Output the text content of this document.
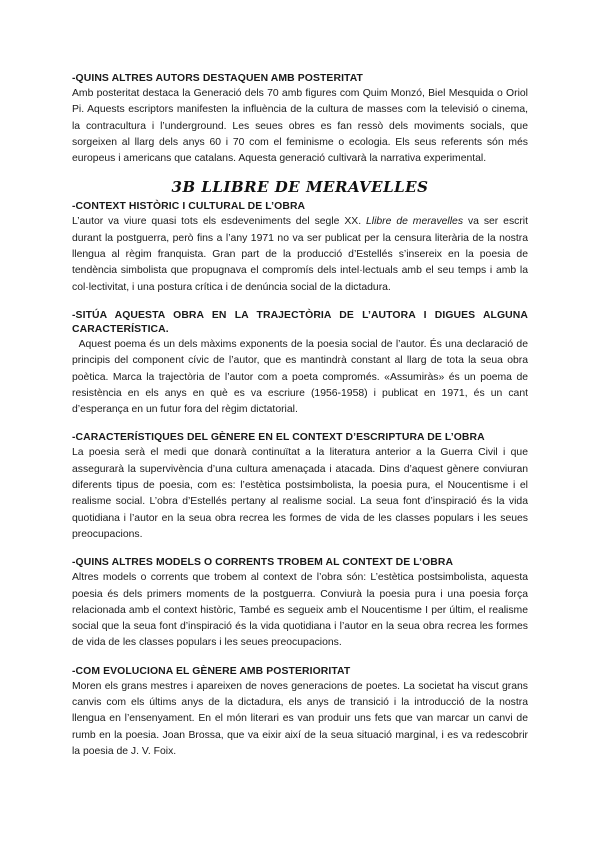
-QUINS ALTRES AUTORS DESTAQUEN AMB POSTERITAT

Amb posteritat destaca la Generació dels 70 amb figures com Quim Monzó, Biel Mesquida o Oriol Pi. Aquests escriptors manifesten la influència de la cultura de masses com la televisió o cinema, la contracultura i l’underground. Les seues obres es fan ressò dels moviments socials, que sorgeixen al llarg dels anys 60 i 70 com el feminisme o ecologia. Els seus referents són més europeus i americans que catalans. Aquesta generació cultivarà la narrativa experimental.

3B LLIBRE DE MERAVELLES

-CONTEXT HISTÒRIC I CULTURAL DE L’OBRA

L’autor va viure quasi tots els esdeveniments del segle XX. Llibre de meravelles va ser escrit durant la postguerra, però fins a l’any 1971 no va ser publicat per la censura literària de la nostra llengua al règim franquista. Gran part de la producció d’Estellés s’insereix en la poesia de tendència simbolista que propugnava el compromís dels intel·lectuals amb el seu temps i amb la col·lectivitat, i una postura crítica i de denúncia social de la dictadura.

-SITÚA AQUESTA OBRA EN LA TRAJECTÒRIA DE L’AUTORA I DIGUES ALGUNA CARACTERÍSTICA.

Aquest poema és un dels màxims exponents de la poesia social de l’autor. És una declaració de principis del component cívic de l’autor, que es mantindrà constant al llarg de tota la seua obra poètica. Marca la trajectòria de l’autor com a poeta compromés. «Assumiràs» és un poema de resistència en els anys en què es va escriure (1956-1958) i publicat en 1971, és un cant d’esperança en un futur fora del règim dictatorial.

-CARACTERÍSTIQUES DEL GÈNERE EN EL CONTEXT D’ESCRIPTURA DE L’OBRA

La poesia serà el medi que donarà continuïtat a la literatura anterior a la Guerra Civil i que assegurarà la supervivència d’una cultura amenaçada i atacada. Dins d’aquest gènere conviuran diferents tipus de poesia, com es: l’estètica postsimbolista, la poesia pura, el Noucentisme i el realisme social. L’obra d’Estellés pertany al realisme social. La seua font d’inspiració és la vida quotidiana i l’autor en la seua obra recrea les formes de vida de les classes populars i les seues preocupacions.

-QUINS ALTRES MODELS O CORRENTS TROBEM AL CONTEXT DE L’OBRA

Altres models o corrents que trobem al context de l’obra són: L’estètica postsimbolista, aquesta poesia és dels primers moments de la postguerra. Conviurà la poesia pura i una poesia força relacionada amb el context històric, També es segueix amb el Noucentisme I per últim, el realisme social que la seua font d’inspiració és la vida quotidiana i l’autor en la seua obra recrea les formes de vida de les classes populars i les seues preocupacions.

-COM EVOLUCIONA EL GÈNERE AMB POSTERIORITAT

Moren els grans mestres i apareixen de noves generacions de poetes. La societat ha viscut grans canvis com els últims anys de la dictadura, els anys de transició i la introducció de la nostra llengua en l’ensenyament. En el món literari es van produir uns fets que van marcar un canvi de rumb en la poesia. Joan Brossa, que va eixir així de la seua situació marginal, i es va redescobrir la poesia de J. V. Foix.
